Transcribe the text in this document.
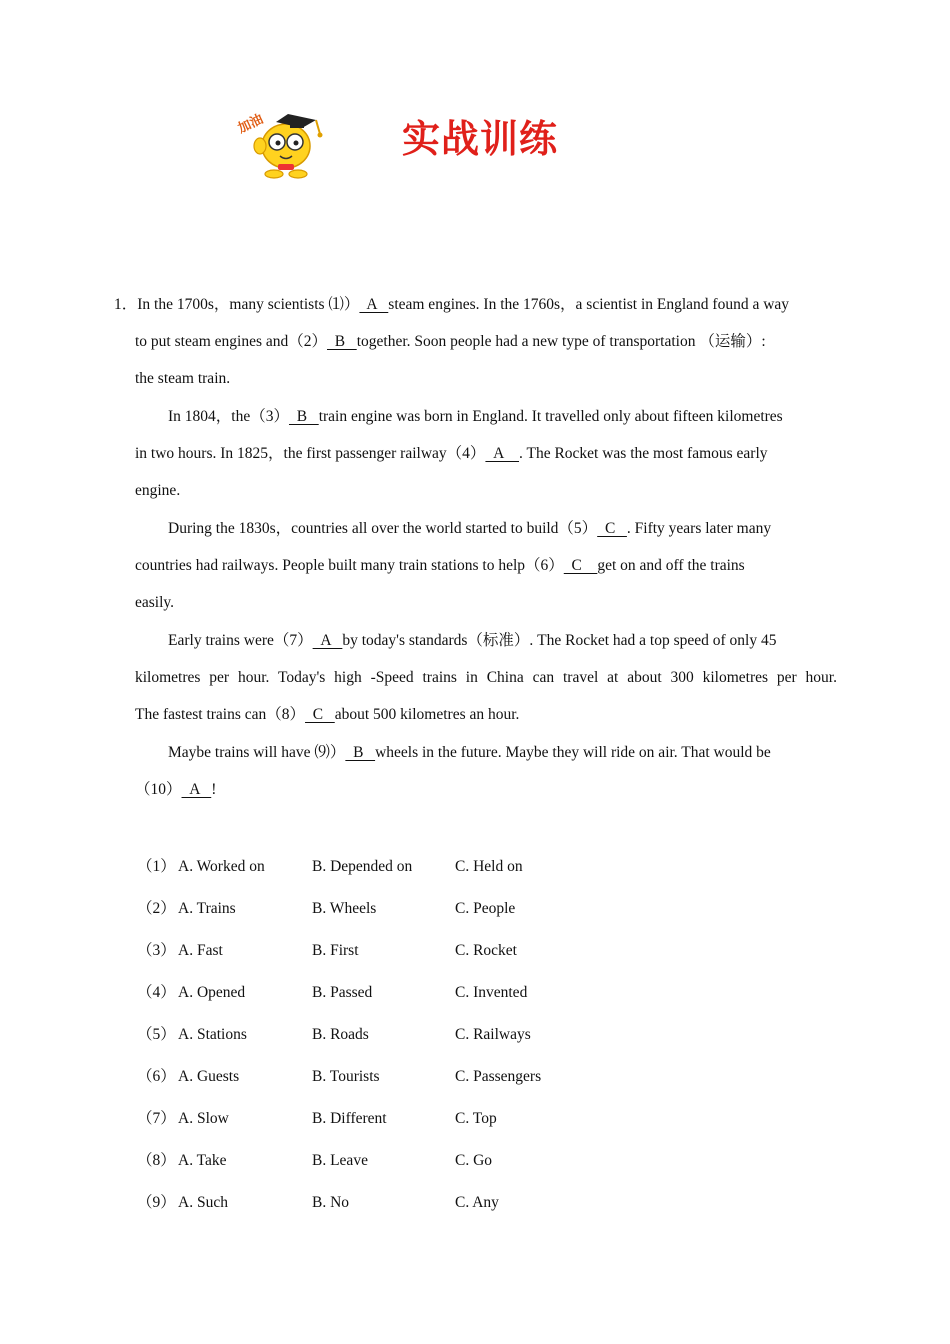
加油	实战训练
1．In the 1700s，many scientists ⑴）  A   steam engines. In the 1760s，a scientist in England found a way
to put steam engines and（2）  B   together. Soon people had a new type of transportation （运输）:
the steam train.
In 1804，the（3）  B   train engine was born in England. It travelled only about fifteen kilometres
in two hours. In 1825，the first passenger railway（4）  A    . The Rocket was the most famous early
engine.
During the 1830s，countries all over the world started to build（5）  C   . Fifty years later many
countries had railways. People built many train stations to help（6）  C    get on and off the trains
easily.
Early trains were（7）  A   by today's standards（标准）. The Rocket had a top speed of only 45
kilometres per hour. Today's high -Speed trains in China can travel at about 300 kilometres per hour.
The fastest trains can（8）  C   about 500 kilometres an hour.
Maybe trains will have ⑼）  B   wheels in the future. Maybe they will ride on air. That would be
（10）  A   !
（1） A. Worked on	B. Depended on	C. Held on
（2） A. Trains	B. Wheels	C. People
（3） A. Fast	B. First	C. Rocket
（4） A. Opened	B. Passed	C. Invented
（5） A. Stations	B. Roads	C. Railways
（6） A. Guests	B. Tourists	C. Passengers
（7） A. Slow	B. Different	C. Top
（8） A. Take	B. Leave	C. Go
（9） A. Such	B. No	C. Any
